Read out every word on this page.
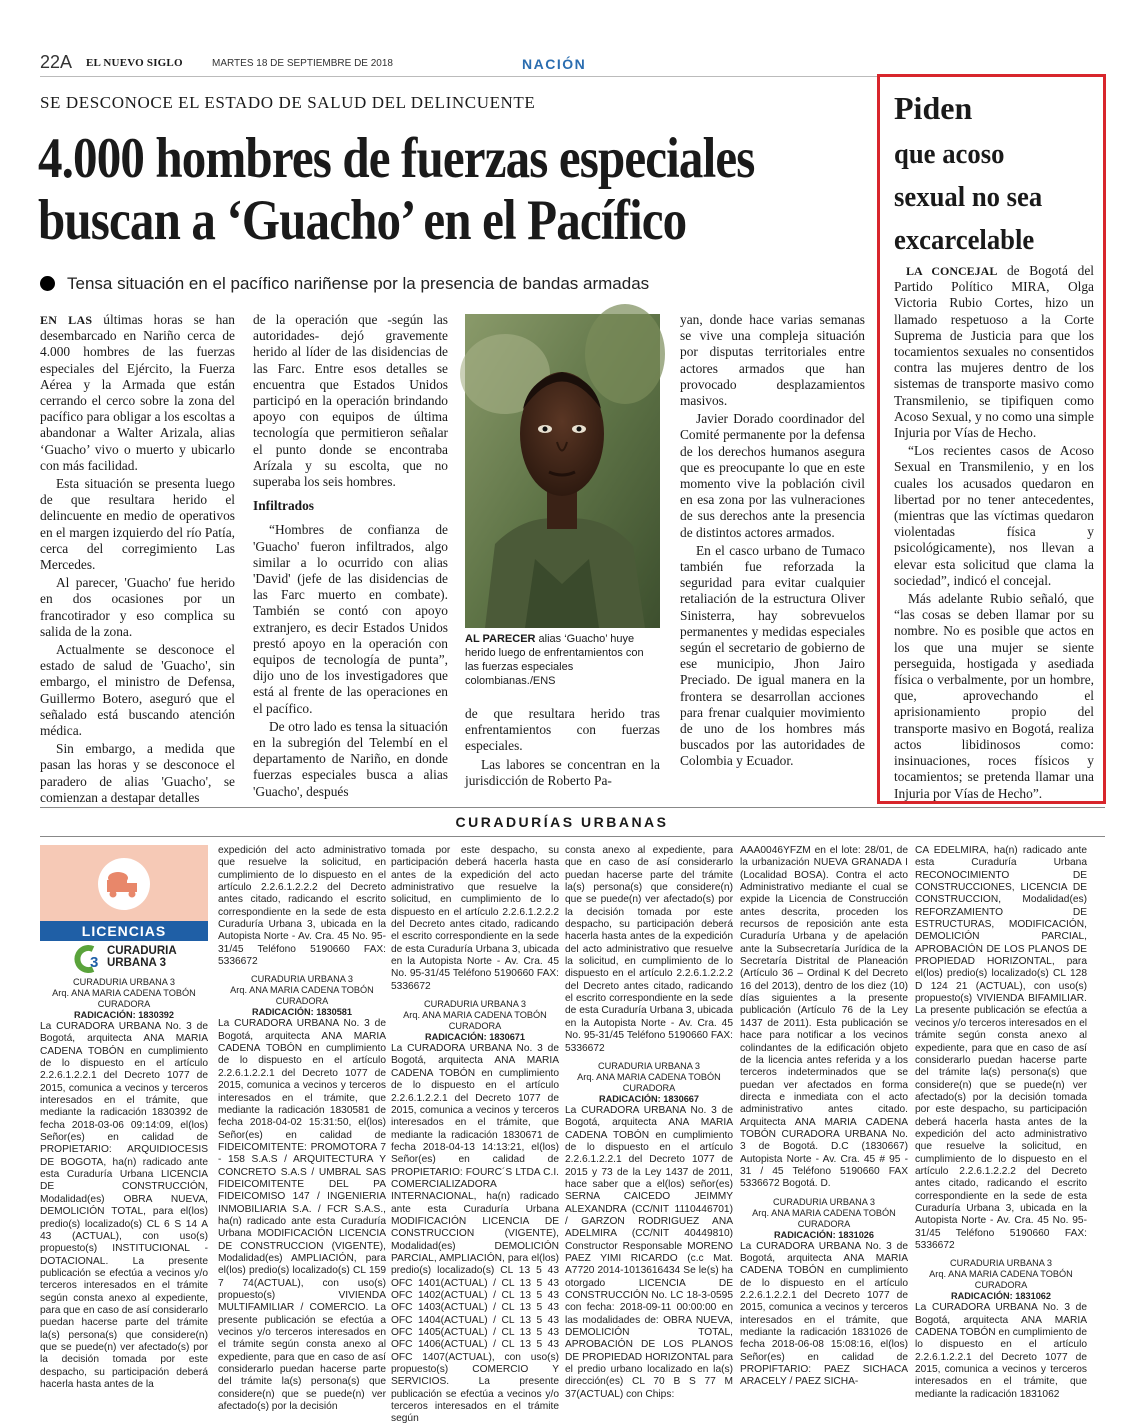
22A EL NUEVO SIGLO	MARTES 18 DE SEPTIEMBRE DE 2018	NACIÓN
SE DESCONOCE EL ESTADO DE SALUD DEL DELINCUENTE
4.000 hombres de fuerzas especiales
buscan a ‘Guacho’ en el Pacífico
Tensa situación en el pacífico nariñense por la presencia de bandas armadas

EN LAS últimas horas se han desembarcado en Nariño cerca de 4.000 hombres de las fuerzas especiales del Ejército, la Fuerza Aérea y la Armada que están cerrando el cerco sobre la zona del pacífico para obligar a los escoltas a abandonar a Walter Arizala, alias ‘Guacho’ vivo o muerto y ubicarlo con más facilidad.

Esta situación se presenta luego de que resultara herido el delincuente en medio de operativos en el margen izquierdo del río Patía, cerca del corregimiento Las Mercedes.

Al parecer, 'Guacho' fue herido en dos ocasiones por un francotirador y eso complica su salida de la zona.

Actualmente se desconoce el estado de salud de 'Guacho', sin embargo, el ministro de Defensa, Guillermo Botero, aseguró que el señalado está buscando atención médica.

Sin embargo, a medida que pasan las horas y se desconoce el paradero de alias 'Guacho', se comienzan a destapar detalles

de la operación que -según las autoridades- dejó gravemente herido al líder de las disidencias de las Farc. Entre esos detalles se encuentra que Estados Unidos participó en la operación brindando apoyo con equipos de última tecnología que permitieron señalar el punto donde se encontraba Arízala y su escolta, que no superaba los seis hombres.

Infiltrados

“Hombres de confianza de 'Guacho' fueron infiltrados, algo similar a lo ocurrido con alias 'David' (jefe de las disidencias de las Farc muerto en combate). También se contó con apoyo extranjero, es decir Estados Unidos prestó apoyo en la operación con equipos de tecnología de punta”, dijo uno de los investigadores que está al frente de las operaciones en el pacífico.

De otro lado es tensa la situación en la subregión del Telembí en el departamento de Nariño, en donde fuerzas especiales busca a alias 'Guacho', después

AL PARECER alias ‘Guacho’ huye herido luego de enfrentamientos con las fuerzas especiales colombianas./ENS

de que resultara herido tras enfrentamientos con fuerzas especiales.

Las labores se concentran en la jurisdicción de Roberto Pa-

yan, donde hace varias semanas se vive una compleja situación por disputas territoriales entre actores armados que han provocado desplazamientos masivos.

Javier Dorado coordinador del Comité permanente por la defensa de los derechos humanos asegura que es preocupante lo que en este momento vive la población civil en esa zona por las vulneraciones de sus derechos ante la presencia de distintos actores armados.

En el casco urbano de Tumaco también fue reforzada la seguridad para evitar cualquier retaliación de la estructura Oliver Sinisterra, hay sobrevuelos permanentes y medidas especiales según el secretario de gobierno de ese municipio, Jhon Jairo Preciado. De igual manera en la frontera se desarrollan acciones para frenar cualquier movimiento de uno de los hombres más buscados por las autoridades de Colombia y Ecuador.

Piden
que acoso sexual no sea excarcelable

LA CONCEJAL de Bogotá del Partido Político MIRA, Olga Victoria Rubio Cortes, hizo un llamado respetuoso a la Corte Suprema de Justicia para que los tocamientos sexuales no consentidos contra las mujeres dentro de los sistemas de transporte masivo como Transmilenio, se tipifiquen como Acoso Sexual, y no como una simple Injuria por Vías de Hecho.

“Los recientes casos de Acoso Sexual en Transmilenio, y en los cuales los acusados quedaron en libertad por no tener antecedentes, (mientras que las víctimas quedaron violentadas física y psicológicamente), nos llevan a elevar esta solicitud que clama la sociedad”, indicó el concejal.

Más adelante Rubio señaló, que “las cosas se deben llamar por su nombre. No es posible que actos en los que una mujer se siente perseguida, hostigada y asediada física o verbalmente, por un hombre, que, aprovechando el aprisionamiento propio del transporte masivo en Bogotá, realiza actos libidinosos como: insinuaciones, roces físicos y tocamientos; se pretenda llamar una Injuria por Vías de Hecho”.

CURADURÍAS URBANAS
LICENCIAS
3
CURADURIA
URBANA 3
CURADURIA URBANA 3
Arq. ANA MARIA CADENA TOBÓN
CURADORA
RADICACIÓN: 1830392
La CURADORA URBANA No. 3 de Bogotá, arquitecta ANA MARIA CADENA TOBÓN en cumplimiento de lo dispuesto en el artículo 2.2.6.1.2.2.1 del Decreto 1077 de 2015, comunica a vecinos y terceros interesados en el trámite, que mediante la radicación 1830392 de fecha 2018-03-06 09:14:09, el(los) Señor(es) en calidad de PROPIETARIO: ARQUIDIOCESIS DE BOGOTA, ha(n) radicado ante esta Curaduría Urbana LICENCIA DE CONSTRUCCIÓN, Modalidad(es) OBRA NUEVA, DEMOLICIÓN TOTAL, para el(los) predio(s) localizado(s) CL 6 S 14 A 43 (ACTUAL), con uso(s) propuesto(s) INSTITUCIONAL - DOTACIONAL. La presente publicación se efectúa a vecinos y/o terceros interesados en el trámite según consta anexo al expediente, para que en caso de así considerarlo puedan hacerse parte del trámite la(s) persona(s) que considere(n) que se puede(n) ver afectado(s) por la decisión tomada por este despacho, su participación deberá hacerla hasta antes de la
expedición del acto administrativo que resuelve la solicitud, en cumplimiento de lo dispuesto en el artículo 2.2.6.1.2.2.2 del Decreto antes citado, radicando el escrito correspondiente en la sede de esta Curaduría Urbana 3, ubicada en la Autopista Norte - Av. Cra. 45 No. 95-31/45 Teléfono 5190660 FAX: 5336672
CURADURIA URBANA 3
Arq. ANA MARIA CADENA TOBÓN
CURADORA
RADICACIÓN: 1830581
La CURADORA URBANA No. 3 de Bogotá, arquitecta ANA MARIA CADENA TOBÓN en cumplimiento de lo dispuesto en el artículo 2.2.6.1.2.2.1 del Decreto 1077 de 2015, comunica a vecinos y terceros interesados en el trámite, que mediante la radicación 1830581 de fecha 2018-04-02 15:31:50, el(los) Señor(es) en calidad de FIDEICOMITENTE: PROMOTORA 7 - 158 S.A.S / ARQUITECTURA Y CONCRETO S.A.S / UMBRAL SAS FIDEICOMITENTE DEL PA FIDEICOMISO 147 / INGENIERIA INMOBILIARIA S.A. / FCR S.A.S., ha(n) radicado ante esta Curaduría Urbana MODIFICACIÓN LICENCIA DE CONSTRUCCION (VIGENTE), Modalidad(es) AMPLIACIÓN, para el(los) predio(s) localizado(s) CL 159 7 74(ACTUAL), con uso(s) propuesto(s) VIVIENDA MULTIFAMILIAR / COMERCIO. La presente publicación se efectúa a vecinos y/o terceros interesados en el trámite según consta anexo al expediente, para que en caso de así considerarlo puedan hacerse parte del trámite la(s) persona(s) que considere(n) que se puede(n) ver afectado(s) por la decisión
tomada por este despacho, su participación deberá hacerla hasta antes de la expedición del acto administrativo que resuelve la solicitud, en cumplimiento de lo dispuesto en el artículo 2.2.6.1.2.2.2 del Decreto antes citado, radicando el escrito correspondiente en la sede de esta Curaduría Urbana 3, ubicada en la Autopista Norte - Av. Cra. 45 No. 95-31/45 Teléfono 5190660 FAX: 5336672
CURADURIA URBANA 3
Arq. ANA MARIA CADENA TOBÓN
CURADORA
RADICACIÓN: 1830671
La CURADORA URBANA No. 3 de Bogotá, arquitecta ANA MARIA CADENA TOBÓN en cumplimiento de lo dispuesto en el artículo 2.2.6.1.2.2.1 del Decreto 1077 de 2015, comunica a vecinos y terceros interesados en el trámite, que mediante la radicación 1830671 de fecha 2018-04-13 14:13:21, el(los) Señor(es) en calidad de PROPIETARIO: FOURC´S LTDA C.I. COMERCIALIZADORA INTERNACIONAL, ha(n) radicado ante esta Curaduría Urbana MODIFICACIÓN LICENCIA DE CONSTRUCCION (VIGENTE), Modalidad(es) DEMOLICIÓN PARCIAL, AMPLIACIÓN, para el(los) predio(s) localizado(s) CL 13 5 43 OFC 1401(ACTUAL) / CL 13 5 43 OFC 1402(ACTUAL) / CL 13 5 43 OFC 1403(ACTUAL) / CL 13 5 43 OFC 1404(ACTUAL) / CL 13 5 43 OFC 1405(ACTUAL) / CL 13 5 43 OFC 1406(ACTUAL) / CL 13 5 43 OFC 1407(ACTUAL), con uso(s) propuesto(s) COMERCIO Y SERVICIOS. La presente publicación se efectúa a vecinos y/o terceros interesados en el trámite según
consta anexo al expediente, para que en caso de así considerarlo puedan hacerse parte del trámite la(s) persona(s) que considere(n) que se puede(n) ver afectado(s) por la decisión tomada por este despacho, su participación deberá hacerla hasta antes de la expedición del acto administrativo que resuelve la solicitud, en cumplimiento de lo dispuesto en el artículo 2.2.6.1.2.2.2 del Decreto antes citado, radicando el escrito correspondiente en la sede de esta Curaduría Urbana 3, ubicada en la Autopista Norte - Av. Cra. 45 No. 95-31/45 Teléfono 5190660 FAX: 5336672
CURADURIA URBANA 3
Arq. ANA MARIA CADENA TOBÓN
CURADORA
RADICACIÓN: 1830667
La CURADORA URBANA No. 3 de Bogotá, arquitecta ANA MARIA CADENA TOBÓN en cumplimiento de lo dispuesto en el artículo 2.2.6.1.2.2.1 del Decreto 1077 de 2015 y 73 de la Ley 1437 de 2011, hace saber que a el(los) señor(es) SERNA CAICEDO JEIMMY ALEXANDRA (CC/NIT 1110446701) / GARZON RODRIGUEZ ANA ADELMIRA (CC/NIT 40449810) Constructor Responsable MORENO PAEZ YIMI RICARDO (c.c Mat. A7720 2014-1013616434 Se le(s) ha otorgado LICENCIA DE CONSTRUCCIÓN No. LC 18-3-0595 con fecha: 2018-09-11 00:00:00 en las modalidades de: OBRA NUEVA, DEMOLICIÓN TOTAL, APROBACIÓN DE LOS PLANOS DE PROPIEDAD HORIZONTAL para el predio urbano localizado en la(s) dirección(es) CL 70 B S 77 M 37(ACTUAL) con Chips:
AAA0046YFZM en el lote: 28/01, de la urbanización NUEVA GRANADA I (Localidad BOSA). Contra el acto Administrativo mediante el cual se expide la Licencia de Construcción antes descrita, proceden los recursos de reposición ante esta Curaduría Urbana y de apelación ante la Subsecretaría Jurídica de la Secretaría Distrital de Planeación (Artículo 36 – Ordinal K del Decreto 16 del 2013), dentro de los diez (10) días siguientes a la presente publicación (Artículo 76 de la Ley 1437 de 2011). Esta publicación se hace para notificar a los vecinos colindantes de la edificación objeto de la licencia antes referida y a los terceros indeterminados que se puedan ver afectados en forma directa e inmediata con el acto administrativo antes citado. Arquitecta ANA MARIA CADENA TOBÓN CURADORA URBANA No. 3 de Bogotá. D.C (1830667) Autopista Norte - Av. Cra. 45 # 95 - 31 / 45 Teléfono 5190660 FAX 5336672 Bogotá. D.
CURADURIA URBANA 3
Arq. ANA MARIA CADENA TOBÓN
CURADORA
RADICACIÓN: 1831026
La CURADORA URBANA No. 3 de Bogotá, arquitecta ANA MARIA CADENA TOBÓN en cumplimiento de lo dispuesto en el artículo 2.2.6.1.2.2.1 del Decreto 1077 de 2015, comunica a vecinos y terceros interesados en el trámite, que mediante la radicación 1831026 de fecha 2018-06-08 15:08:16, el(los) Señor(es) en calidad de PROPIFTARIO: PAEZ SICHACA ARACELY / PAEZ SICHA-
CA EDELMIRA, ha(n) radicado ante esta Curaduría Urbana RECONOCIMIENTO DE CONSTRUCCIONES, LICENCIA DE CONSTRUCCION, Modalidad(es) REFORZAMIENTO DE ESTRUCTURAS, MODIFICACIÓN, DEMOLICIÓN PARCIAL, APROBACIÓN DE LOS PLANOS DE PROPIEDAD HORIZONTAL, para el(los) predio(s) localizado(s) CL 128 D 124 21 (ACTUAL), con uso(s) propuesto(s) VIVIENDA BIFAMILIAR. La presente publicación se efectúa a vecinos y/o terceros interesados en el trámite según consta anexo al expediente, para que en caso de así considerarlo puedan hacerse parte del trámite la(s) persona(s) que considere(n) que se puede(n) ver afectado(s) por la decisión tomada por este despacho, su participación deberá hacerla hasta antes de la expedición del acto administrativo que resuelve la solicitud, en cumplimiento de lo dispuesto en el artículo 2.2.6.1.2.2.2 del Decreto antes citado, radicando el escrito correspondiente en la sede de esta Curaduría Urbana 3, ubicada en la Autopista Norte - Av. Cra. 45 No. 95-31/45 Teléfono 5190660 FAX: 5336672
CURADURIA URBANA 3
Arq. ANA MARIA CADENA TOBÓN
CURADORA
RADICACIÓN: 1831062
La CURADORA URBANA No. 3 de Bogotá, arquitecta ANA MARIA CADENA TOBÓN en cumplimiento de lo dispuesto en el artículo 2.2.6.1.2.2.1 del Decreto 1077 de 2015, comunica a vecinos y terceros interesados en el trámite, que mediante la radicación 1831062
